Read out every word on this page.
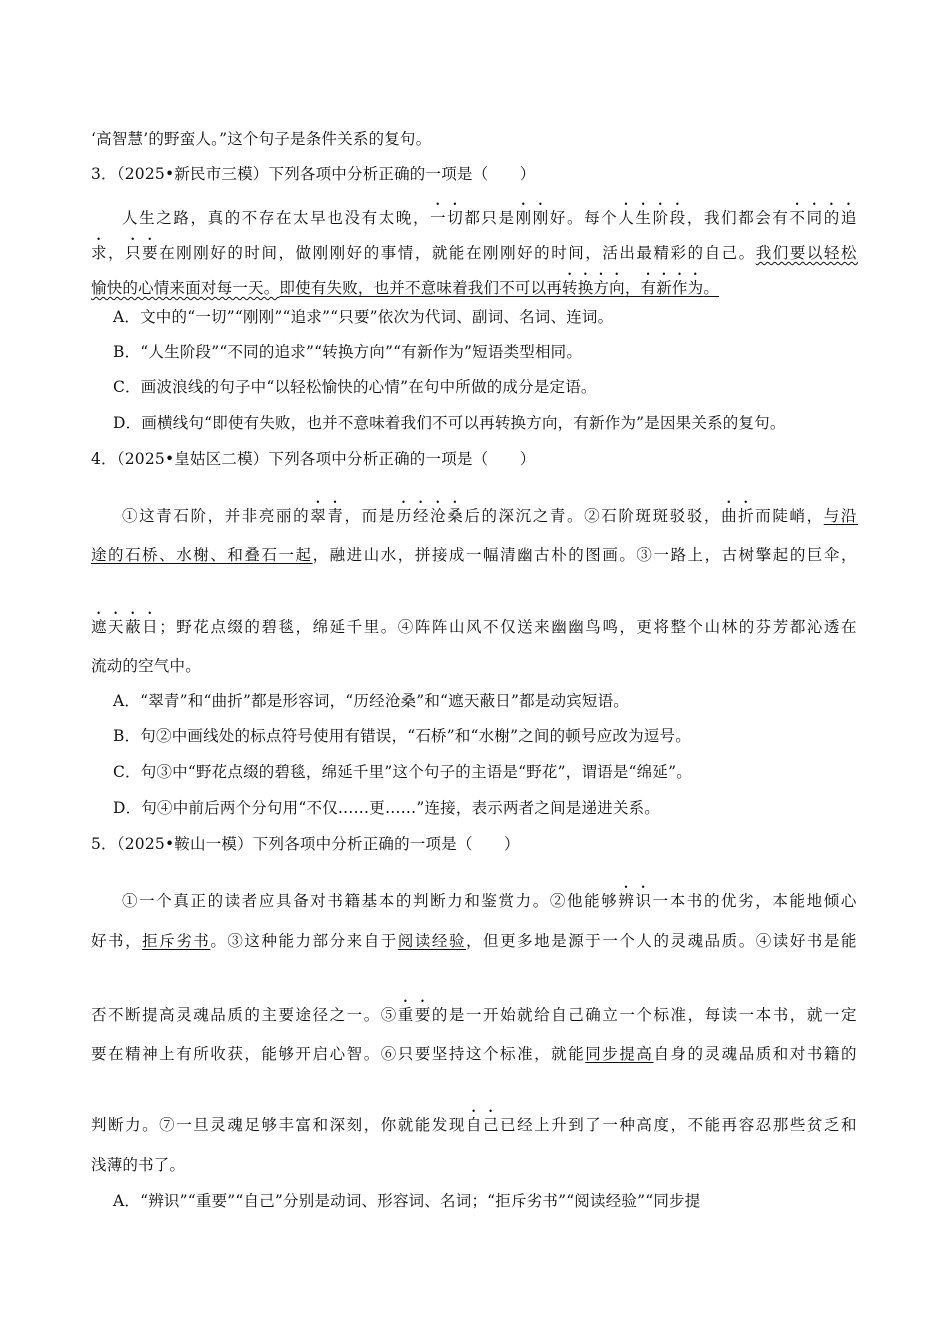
‘高智慧’的野蛮人。”这个句子是条件关系的复句。
3．（2025•新民市三模）下列各项中分析正确的一项是（　　）
人生之路，真的不存在太早也没有太晚，一切都只是刚刚好。每个人生阶段，我们都会有不同的追
求，只要在刚刚好的时间，做刚刚好的事情，就能在刚刚好的时间，活出最精彩的自己。我们要以轻松
愉快的心情来面对每一天。即使有失败，也并不意味着我们不可以再转换方向，有新作为。
A．文中的“一切”“刚刚”“追求”“只要”依次为代词、副词、名词、连词。
B．“人生阶段”“不同的追求”“转换方向”“有新作为”短语类型相同。
C．画波浪线的句子中“以轻松愉快的心情”在句中所做的成分是定语。
D．画横线句“即使有失败，也并不意味着我们不可以再转换方向，有新作为”是因果关系的复句。
4．（2025•皇姑区二模）下列各项中分析正确的一项是（　　）
①这青石阶，并非亮丽的翠青，而是历经沧桑后的深沉之青。②石阶斑斑驳驳，曲折而陡峭，与沿
途的石桥、水榭、和叠石一起，融进山水，拼接成一幅清幽古朴的图画。③一路上，古树擎起的巨伞，
遮天蔽日；野花点缀的碧毯，绵延千里。④阵阵山风不仅送来幽幽鸟鸣，更将整个山林的芬芳都沁透在
流动的空气中。
A．“翠青”和“曲折”都是形容词，“历经沧桑”和“遮天蔽日”都是动宾短语。
B．句②中画线处的标点符号使用有错误，“石桥”和“水榭”之间的顿号应改为逗号。
C．句③中“野花点缀的碧毯，绵延千里”这个句子的主语是“野花”，谓语是“绵延”。
D．句④中前后两个分句用“不仅……更……”连接，表示两者之间是递进关系。
5．（2025•鞍山一模）下列各项中分析正确的一项是（　　）
①一个真正的读者应具备对书籍基本的判断力和鉴赏力。②他能够辨识一本书的优劣，本能地倾心
好书，拒斥劣书。③这种能力部分来自于阅读经验，但更多地是源于一个人的灵魂品质。④读好书是能
否不断提高灵魂品质的主要途径之一。⑤重要的是一开始就给自己确立一个标准，每读一本书，就一定
要在精神上有所收获，能够开启心智。⑥只要坚持这个标准，就能同步提高自身的灵魂品质和对书籍的
判断力。⑦一旦灵魂足够丰富和深刻，你就能发现自己已经上升到了一种高度，不能再容忍那些贫乏和
浅薄的书了。
A．“辨识”“重要”“自己”分别是动词、形容词、名词；“拒斥劣书”“阅读经验”“同步提
